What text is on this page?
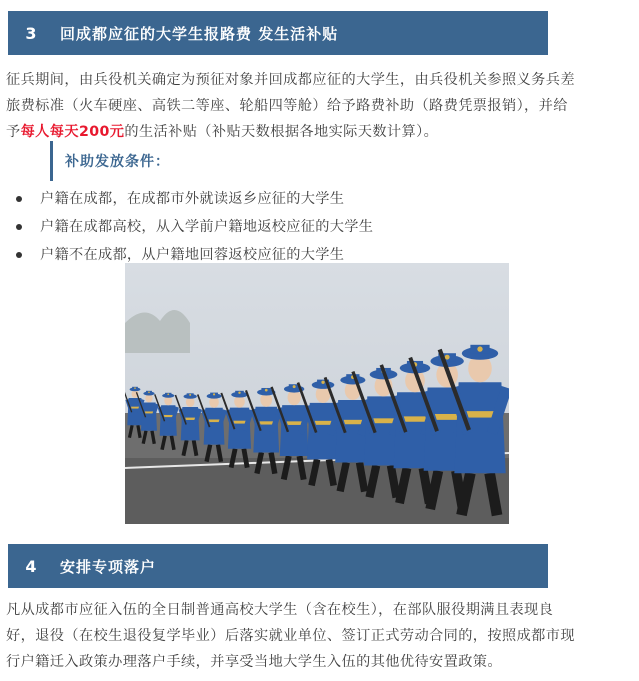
3	回成都应征的大学生报路费 发生活补贴
征兵期间，由兵役机关确定为预征对象并回成都应征的大学生，由兵役机关参照义务兵差
旅费标准（火车硬座、高铁二等座、轮船四等舱）给予路费补助（路费凭票报销），并给
予每人每天200元的生活补贴（补贴天数根据各地实际天数计算）。
补助发放条件：
户籍在成都，在成都市外就读返乡应征的大学生
户籍在成都高校，从入学前户籍地返校应征的大学生
户籍不在成都，从户籍地回蓉返校应征的大学生
4	安排专项落户
凡从成都市应征入伍的全日制普通高校大学生（含在校生），在部队服役期满且表现良
好，退役（在校生退役复学毕业）后落实就业单位、签订正式劳动合同的，按照成都市现
行户籍迁入政策办理落户手续，并享受当地大学生入伍的其他优待安置政策。
